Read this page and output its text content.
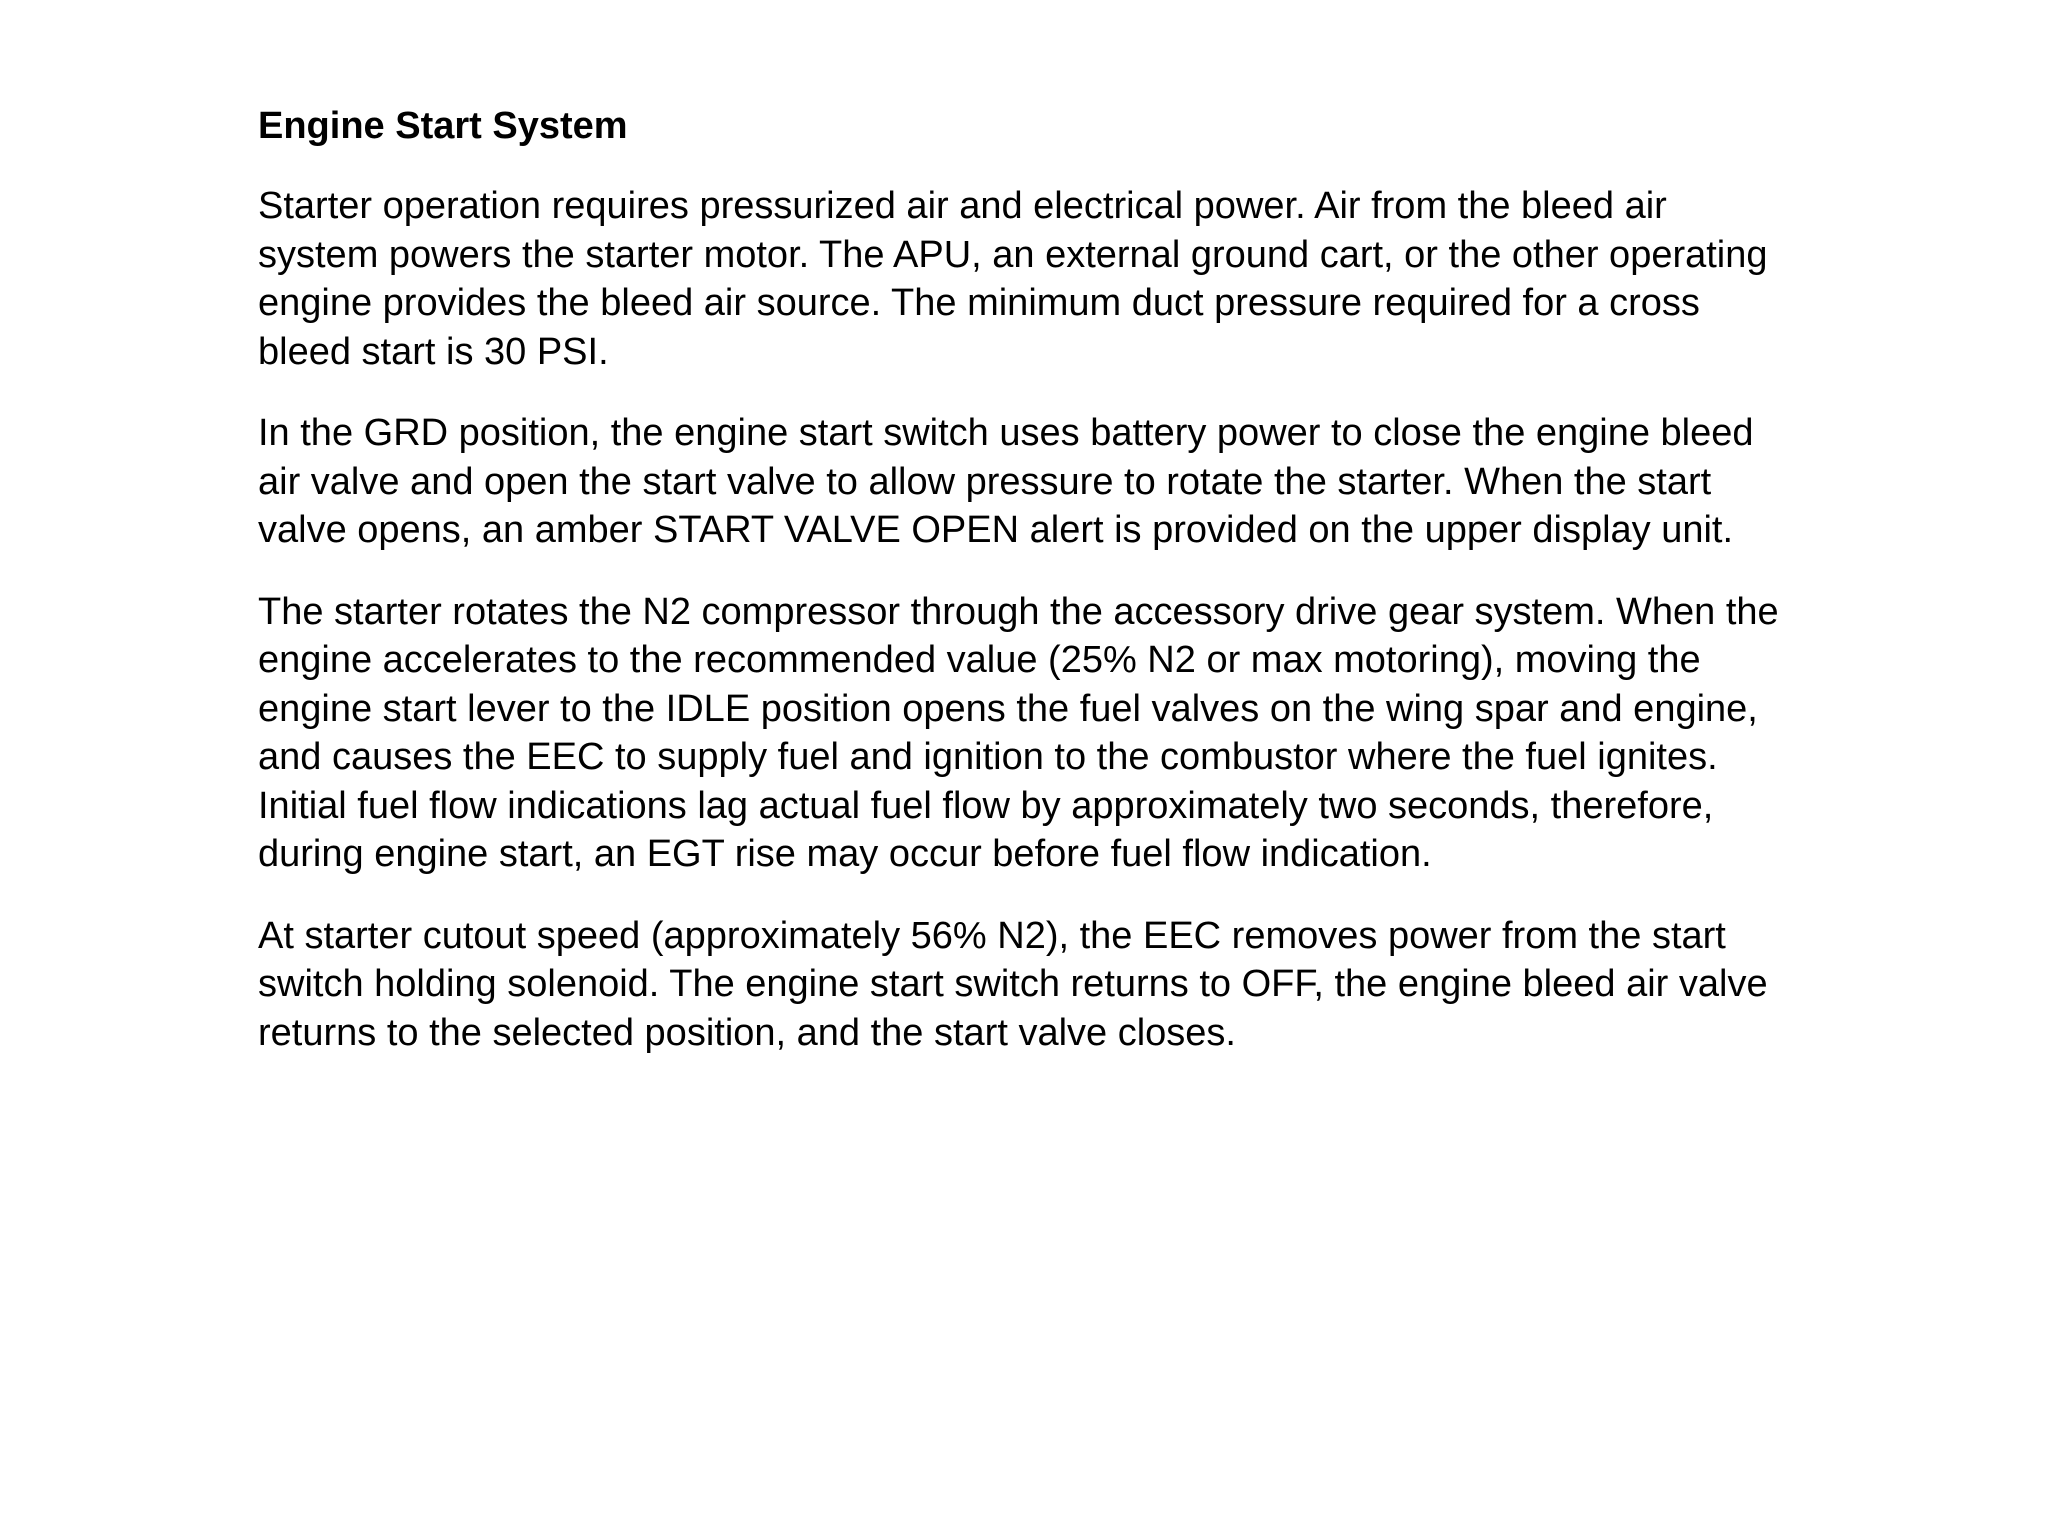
Engine Start System
Starter operation requires pressurized air and electrical power. Air from the bleed air
system powers the starter motor. The APU, an external ground cart, or the other operating
engine provides the bleed air source. The minimum duct pressure required for a cross
bleed start is 30 PSI.
In the GRD position, the engine start switch uses battery power to close the engine bleed
air valve and open the start valve to allow pressure to rotate the starter. When the start
valve opens, an amber START VALVE OPEN alert is provided on the upper display unit.
The starter rotates the N2 compressor through the accessory drive gear system. When the
engine accelerates to the recommended value (25% N2 or max motoring), moving the
engine start lever to the IDLE position opens the fuel valves on the wing spar and engine,
and causes the EEC to supply fuel and ignition to the combustor where the fuel ignites.
Initial fuel flow indications lag actual fuel flow by approximately two seconds, therefore,
during engine start, an EGT rise may occur before fuel flow indication.
At starter cutout speed (approximately 56% N2), the EEC removes power from the start
switch holding solenoid. The engine start switch returns to OFF, the engine bleed air valve
returns to the selected position, and the start valve closes.
